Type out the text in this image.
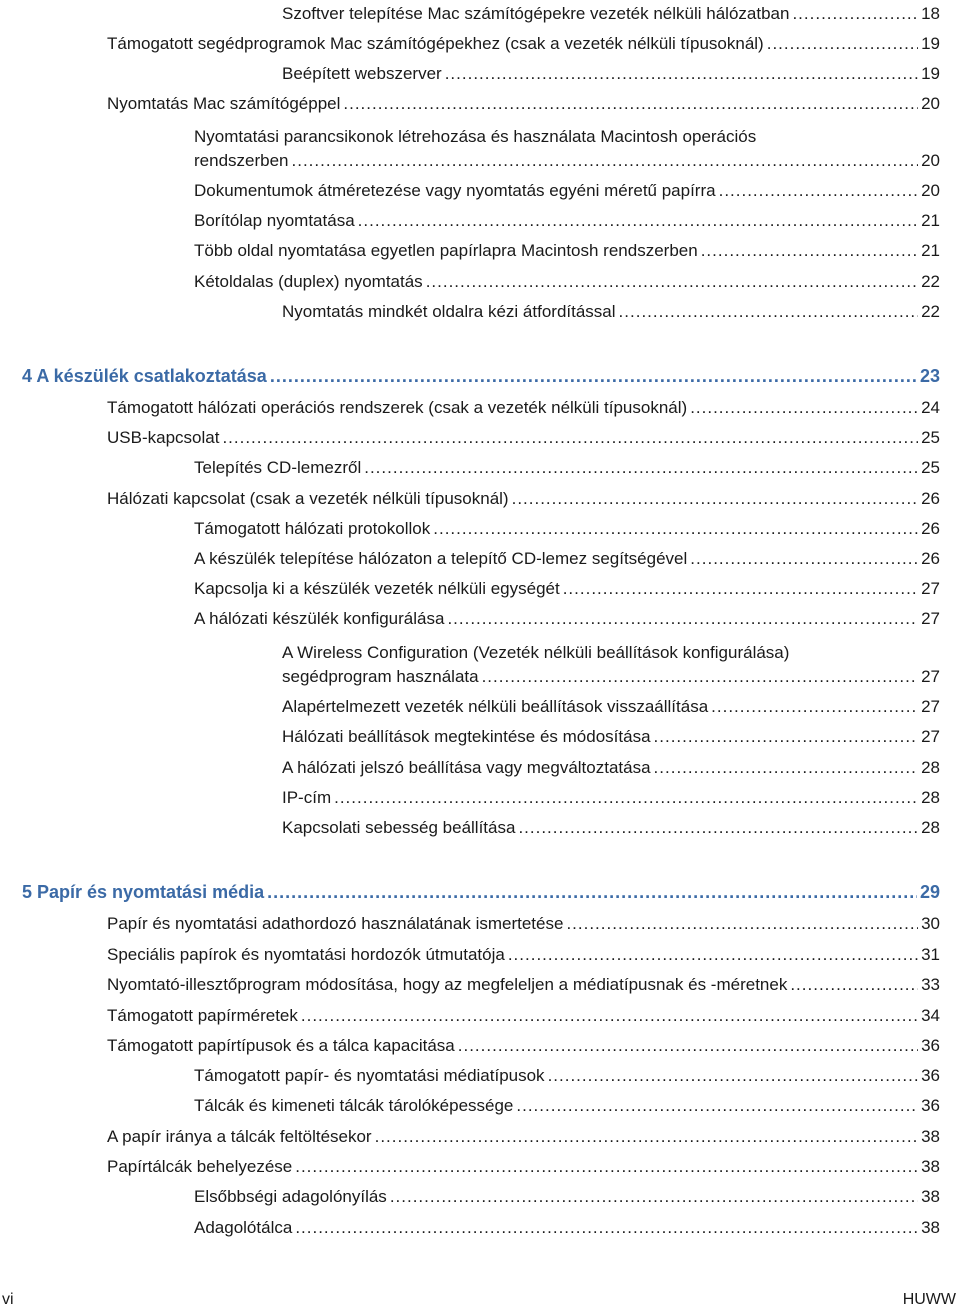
Szoftver telepítése Mac számítógépekre vezeték nélküli hálózatban .....	18
Támogatott segédprogramok Mac számítógépekhez (csak a vezeték nélküli típusoknál) .....	19
Beépített webszerver .....	19
Nyomtatás Mac számítógéppel .....	20
Nyomtatási parancsikonok létrehozása és használata Macintosh operációs
rendszerben .....	20
Dokumentumok átméretezése vagy nyomtatás egyéni méretű papírra .....	20
Borítólap nyomtatása .....	21
Több oldal nyomtatása egyetlen papírlapra Macintosh rendszerben .....	21
Kétoldalas (duplex) nyomtatás .....	22
Nyomtatás mindkét oldalra kézi átfordítással .....	22
4 A készülék csatlakoztatása .....	23
Támogatott hálózati operációs rendszerek (csak a vezeték nélküli típusoknál) .....	24
USB-kapcsolat .....	25
Telepítés CD-lemezről .....	25
Hálózati kapcsolat (csak a vezeték nélküli típusoknál) .....	26
Támogatott hálózati protokollok .....	26
A készülék telepítése hálózaton a telepítő CD-lemez segítségével .....	26
Kapcsolja ki a készülék vezeték nélküli egységét .....	27
A hálózati készülék konfigurálása .....	27
A Wireless Configuration (Vezeték nélküli beállítások konfigurálása)
segédprogram használata .....	27
Alapértelmezett vezeték nélküli beállítások visszaállítása .....	27
Hálózati beállítások megtekintése és módosítása .....	27
A hálózati jelszó beállítása vagy megváltoztatása .....	28
IP-cím .....	28
Kapcsolati sebesség beállítása .....	28
5 Papír és nyomtatási média .....	29
Papír és nyomtatási adathordozó használatának ismertetése .....	30
Speciális papírok és nyomtatási hordozók útmutatója .....	31
Nyomtató-illesztőprogram módosítása, hogy az megfeleljen a médiatípusnak és -méretnek .....	33
Támogatott papírméretek .....	34
Támogatott papírtípusok és a tálca kapacitása .....	36
Támogatott papír- és nyomtatási médiatípusok .....	36
Tálcák és kimeneti tálcák tárolóképessége .....	36
A papír iránya a tálcák feltöltésekor .....	38
Papírtálcák behelyezése .....	38
Elsőbbségi adagolónyílás .....	38
Adagolótálca .....	38
vi	HUWW
